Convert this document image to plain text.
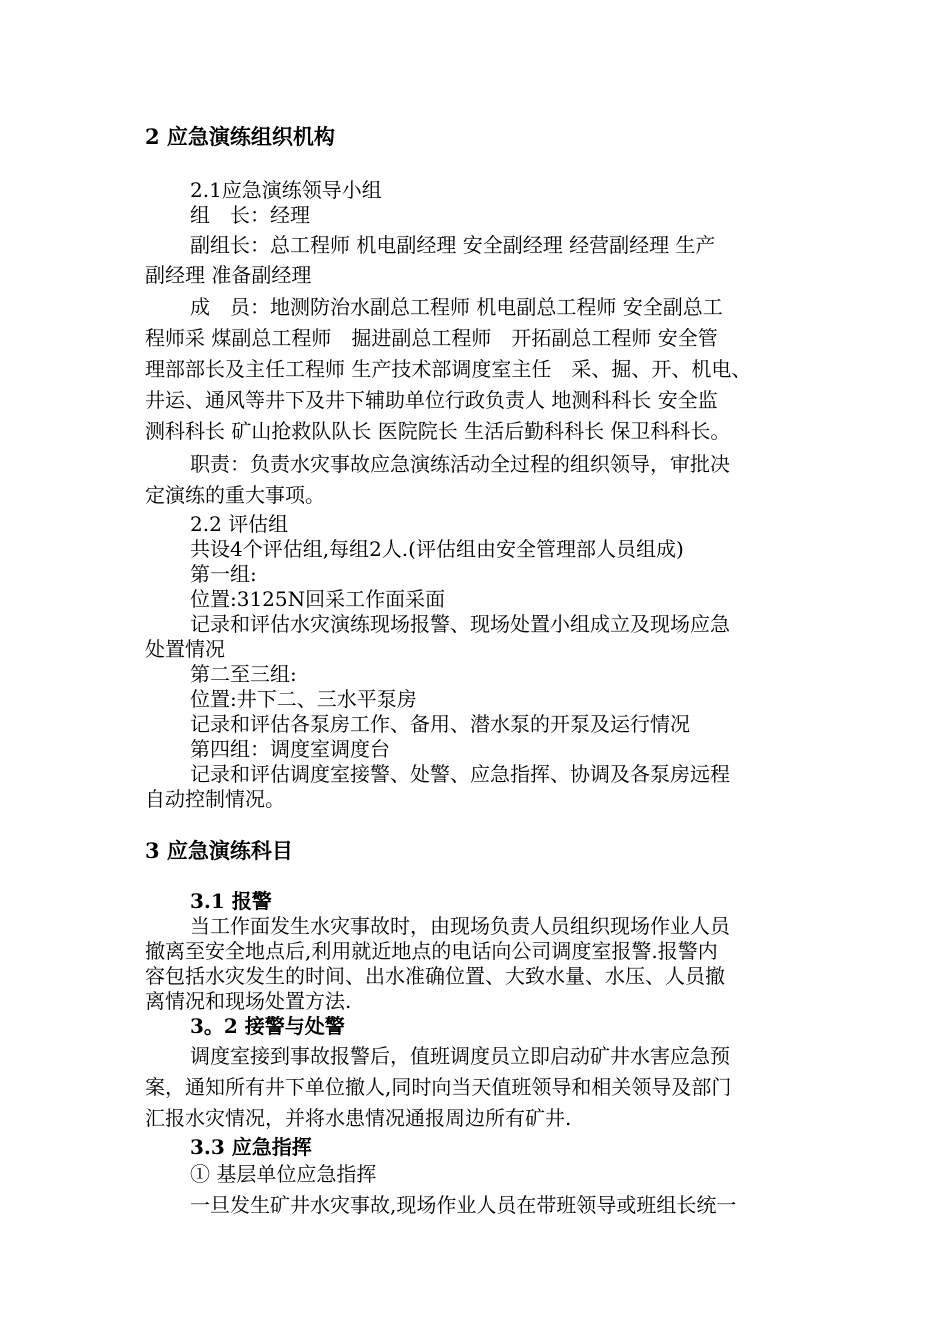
2 应急演练组织机构

2.1应急演练领导小组

组　长：经理

副组长：总工程师 机电副经理 安全副经理 经营副经理 生产

副经理 准备副经理

成　员：地测防治水副总工程师 机电副总工程师 安全副总工

程师采 煤副总工程师　掘进副总工程师　开拓副总工程师 安全管

理部部长及主任工程师 生产技术部调度室主任　采、掘、开、机电、

井运、通风等井下及井下辅助单位行政负责人 地测科科长 安全监

测科科长 矿山抢救队队长 医院院长 生活后勤科科长 保卫科科长。

职责：负责水灾事故应急演练活动全过程的组织领导，审批决

定演练的重大事项。

2.2 评估组

共设4个评估组,每组2人.(评估组由安全管理部人员组成)

第一组:

位置:3125N回采工作面采面

记录和评估水灾演练现场报警、现场处置小组成立及现场应急

处置情况

第二至三组:

位置:井下二、三水平泵房

记录和评估各泵房工作、备用、潜水泵的开泵及运行情况

第四组：调度室调度台

记录和评估调度室接警、处警、应急指挥、协调及各泵房远程

自动控制情况。

3 应急演练科目

3.1 报警

当工作面发生水灾事故时，由现场负责人员组织现场作业人员

撤离至安全地点后,利用就近地点的电话向公司调度室报警.报警内

容包括水灾发生的时间、出水准确位置、大致水量、水压、人员撤

离情况和现场处置方法.

3。2 接警与处警

调度室接到事故报警后，值班调度员立即启动矿井水害应急预

案，通知所有井下单位撤人,同时向当天值班领导和相关领导及部门

汇报水灾情况，并将水患情况通报周边所有矿井.

3.3 应急指挥

① 基层单位应急指挥

一旦发生矿井水灾事故,现场作业人员在带班领导或班组长统一
